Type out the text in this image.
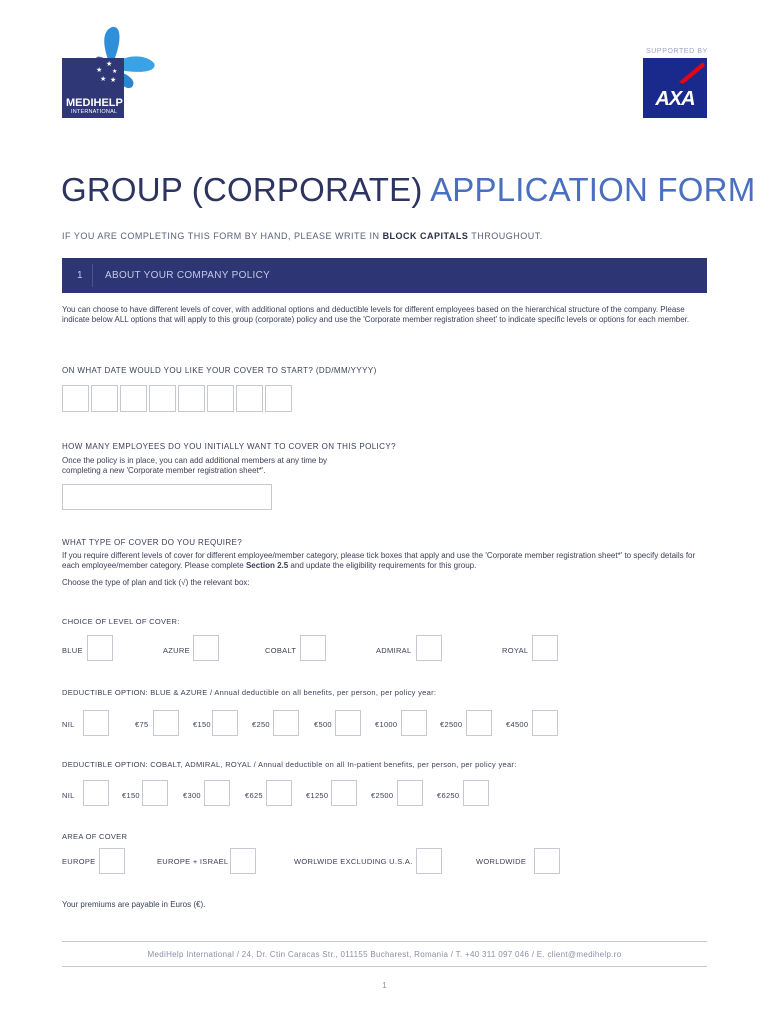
★
★
★ ★
★
MEDIHELP
INTERNATIONAL
SUPPORTED BY
AXA
GROUP (CORPORATE) APPLICATION FORM
IF YOU ARE COMPLETING THIS FORM BY HAND, PLEASE WRITE IN BLOCK CAPITALS THROUGHOUT.
1 ABOUT YOUR COMPANY POLICY
You can choose to have different levels of cover, with additional options and deductible levels for different employees based on the hierarchical structure of the company. Please indicate below ALL options that will apply to this group (corporate) policy and use the 'Corporate member registration sheet' to indicate specific levels or options for each member.
ON WHAT DATE WOULD YOU LIKE YOUR COVER TO START? (DD/MM/YYYY)
HOW MANY EMPLOYEES DO YOU INITIALLY WANT TO COVER ON THIS POLICY?
Once the policy is in place, you can add additional members at any time by
completing a new 'Corporate member registration sheet*'.
WHAT TYPE OF COVER DO YOU REQUIRE?
If you require different levels of cover for different employee/member category, please tick boxes that apply and use the 'Corporate member registration sheet*' to specify details for each employee/member category. Please complete Section 2.5 and update the eligibility requirements for this group.
Choose the type of plan and tick (√) the relevant box:
CHOICE OF LEVEL OF COVER:
BLUE	AZURE	COBALT	ADMIRAL	ROYAL
DEDUCTIBLE OPTION: BLUE & AZURE / Annual deductible on all benefits, per person, per policy year:
NIL	€75	€150	€250	€500	€1000	€2500	€4500
DEDUCTIBLE OPTION: COBALT, ADMIRAL, ROYAL / Annual deductible on all In-patient benefits, per person, per policy year:
NIL	€150	€300	€625	€1250	€2500	€6250
AREA OF COVER
EUROPE	EUROPE + ISRAEL	WORLWIDE EXCLUDING U.S.A.	WORLDWIDE
Your premiums are payable in Euros (€).
MediHelp International / 24, Dr. Ctin Caracas Str., 011155 Bucharest, Romania / T. +40 311 097 046 / E. client@medihelp.ro
1
